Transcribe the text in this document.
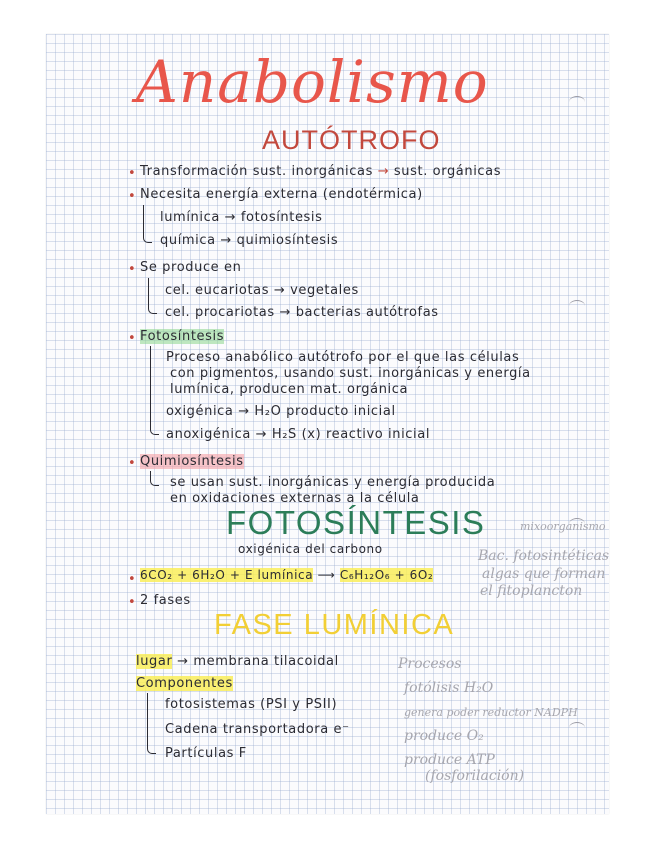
Anabolismo
AUTÓTROFO
• Transformación sust. inorgánicas → sust. orgánicas
• Necesita energía externa (endotérmica)
lumínica → fotosíntesis
química → quimiosíntesis
• Se produce en
cel. eucariotas → vegetales
cel. procariotas → bacterias autótrofas
• Fotosíntesis
Proceso anabólico autótrofo por el que las células
con pigmentos, usando sust. inorgánicas y energía
lumínica, producen mat. orgánica
oxigénica → H₂O producto inicial
anoxigénica → H₂S (x) reactivo inicial
• Quimiosíntesis
se usan sust. inorgánicas y energía producida
en oxidaciones externas a la célula
FOTOSÍNTESIS
oxigénica del carbono
mixoorganismo
Bac. fotosintéticas
algas que forman
el fitoplancton
• 6CO₂ + 6H₂O + E lumínica ⟶ C₆H₁₂O₆ + 6O₂
• 2 fases
FASE LUMÍNICA
lugar → membrana tilacoidal
Componentes
fotosistemas (PSI y PSII)
Cadena transportadora e⁻
Partículas F
Procesos
fotólisis H₂O
genera poder reductor NADPH
produce O₂
produce ATP
(fosforilación)
